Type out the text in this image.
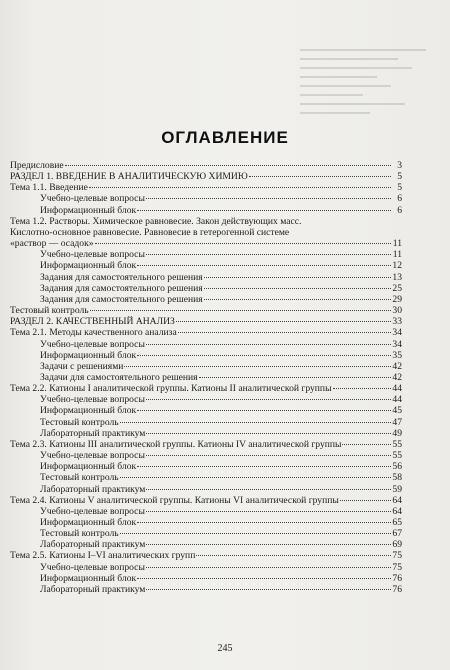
ОГЛАВЛЕНИЕ
Предисловие	3
РАЗДЕЛ 1. ВВЕДЕНИЕ В АНАЛИТИЧЕСКУЮ ХИМИЮ	5
Тема 1.1. Введение	5
Учебно-целевые вопросы	6
Информационный блок	6
Тема 1.2. Растворы. Химическое равновесие. Закон действующих масс.
Кислотно-основное равновесие. Равновесие в гетерогенной системе
«раствор — осадок»	11
Учебно-целевые вопросы	11
Информационный блок	12
Задания для самостоятельного решения	13
Задания для самостоятельного решения	25
Задания для самостоятельного решения	29
Тестовый контроль	30
РАЗДЕЛ 2. КАЧЕСТВЕННЫЙ АНАЛИЗ	33
Тема 2.1. Методы качественного анализа	34
Учебно-целевые вопросы	34
Информационный блок	35
Задачи с решениями	42
Задачи для самостоятельного решения	42
Тема 2.2. Катионы I аналитической группы. Катионы II аналитической группы	44
Учебно-целевые вопросы	44
Информационный блок	45
Тестовый контроль	47
Лабораторный практикум	49
Тема 2.3. Катионы III аналитической группы. Катионы IV аналитической группы	55
Учебно-целевые вопросы	55
Информационный блок	56
Тестовый контроль	58
Лабораторный практикум	59
Тема 2.4. Катионы V аналитической группы. Катионы VI аналитической группы	64
Учебно-целевые вопросы	64
Информационный блок	65
Тестовый контроль	67
Лабораторный практикум	69
Тема 2.5. Катионы I–VI аналитических групп	75
Учебно-целевые вопросы	75
Информационный блок	76
Лабораторный практикум	76
245
